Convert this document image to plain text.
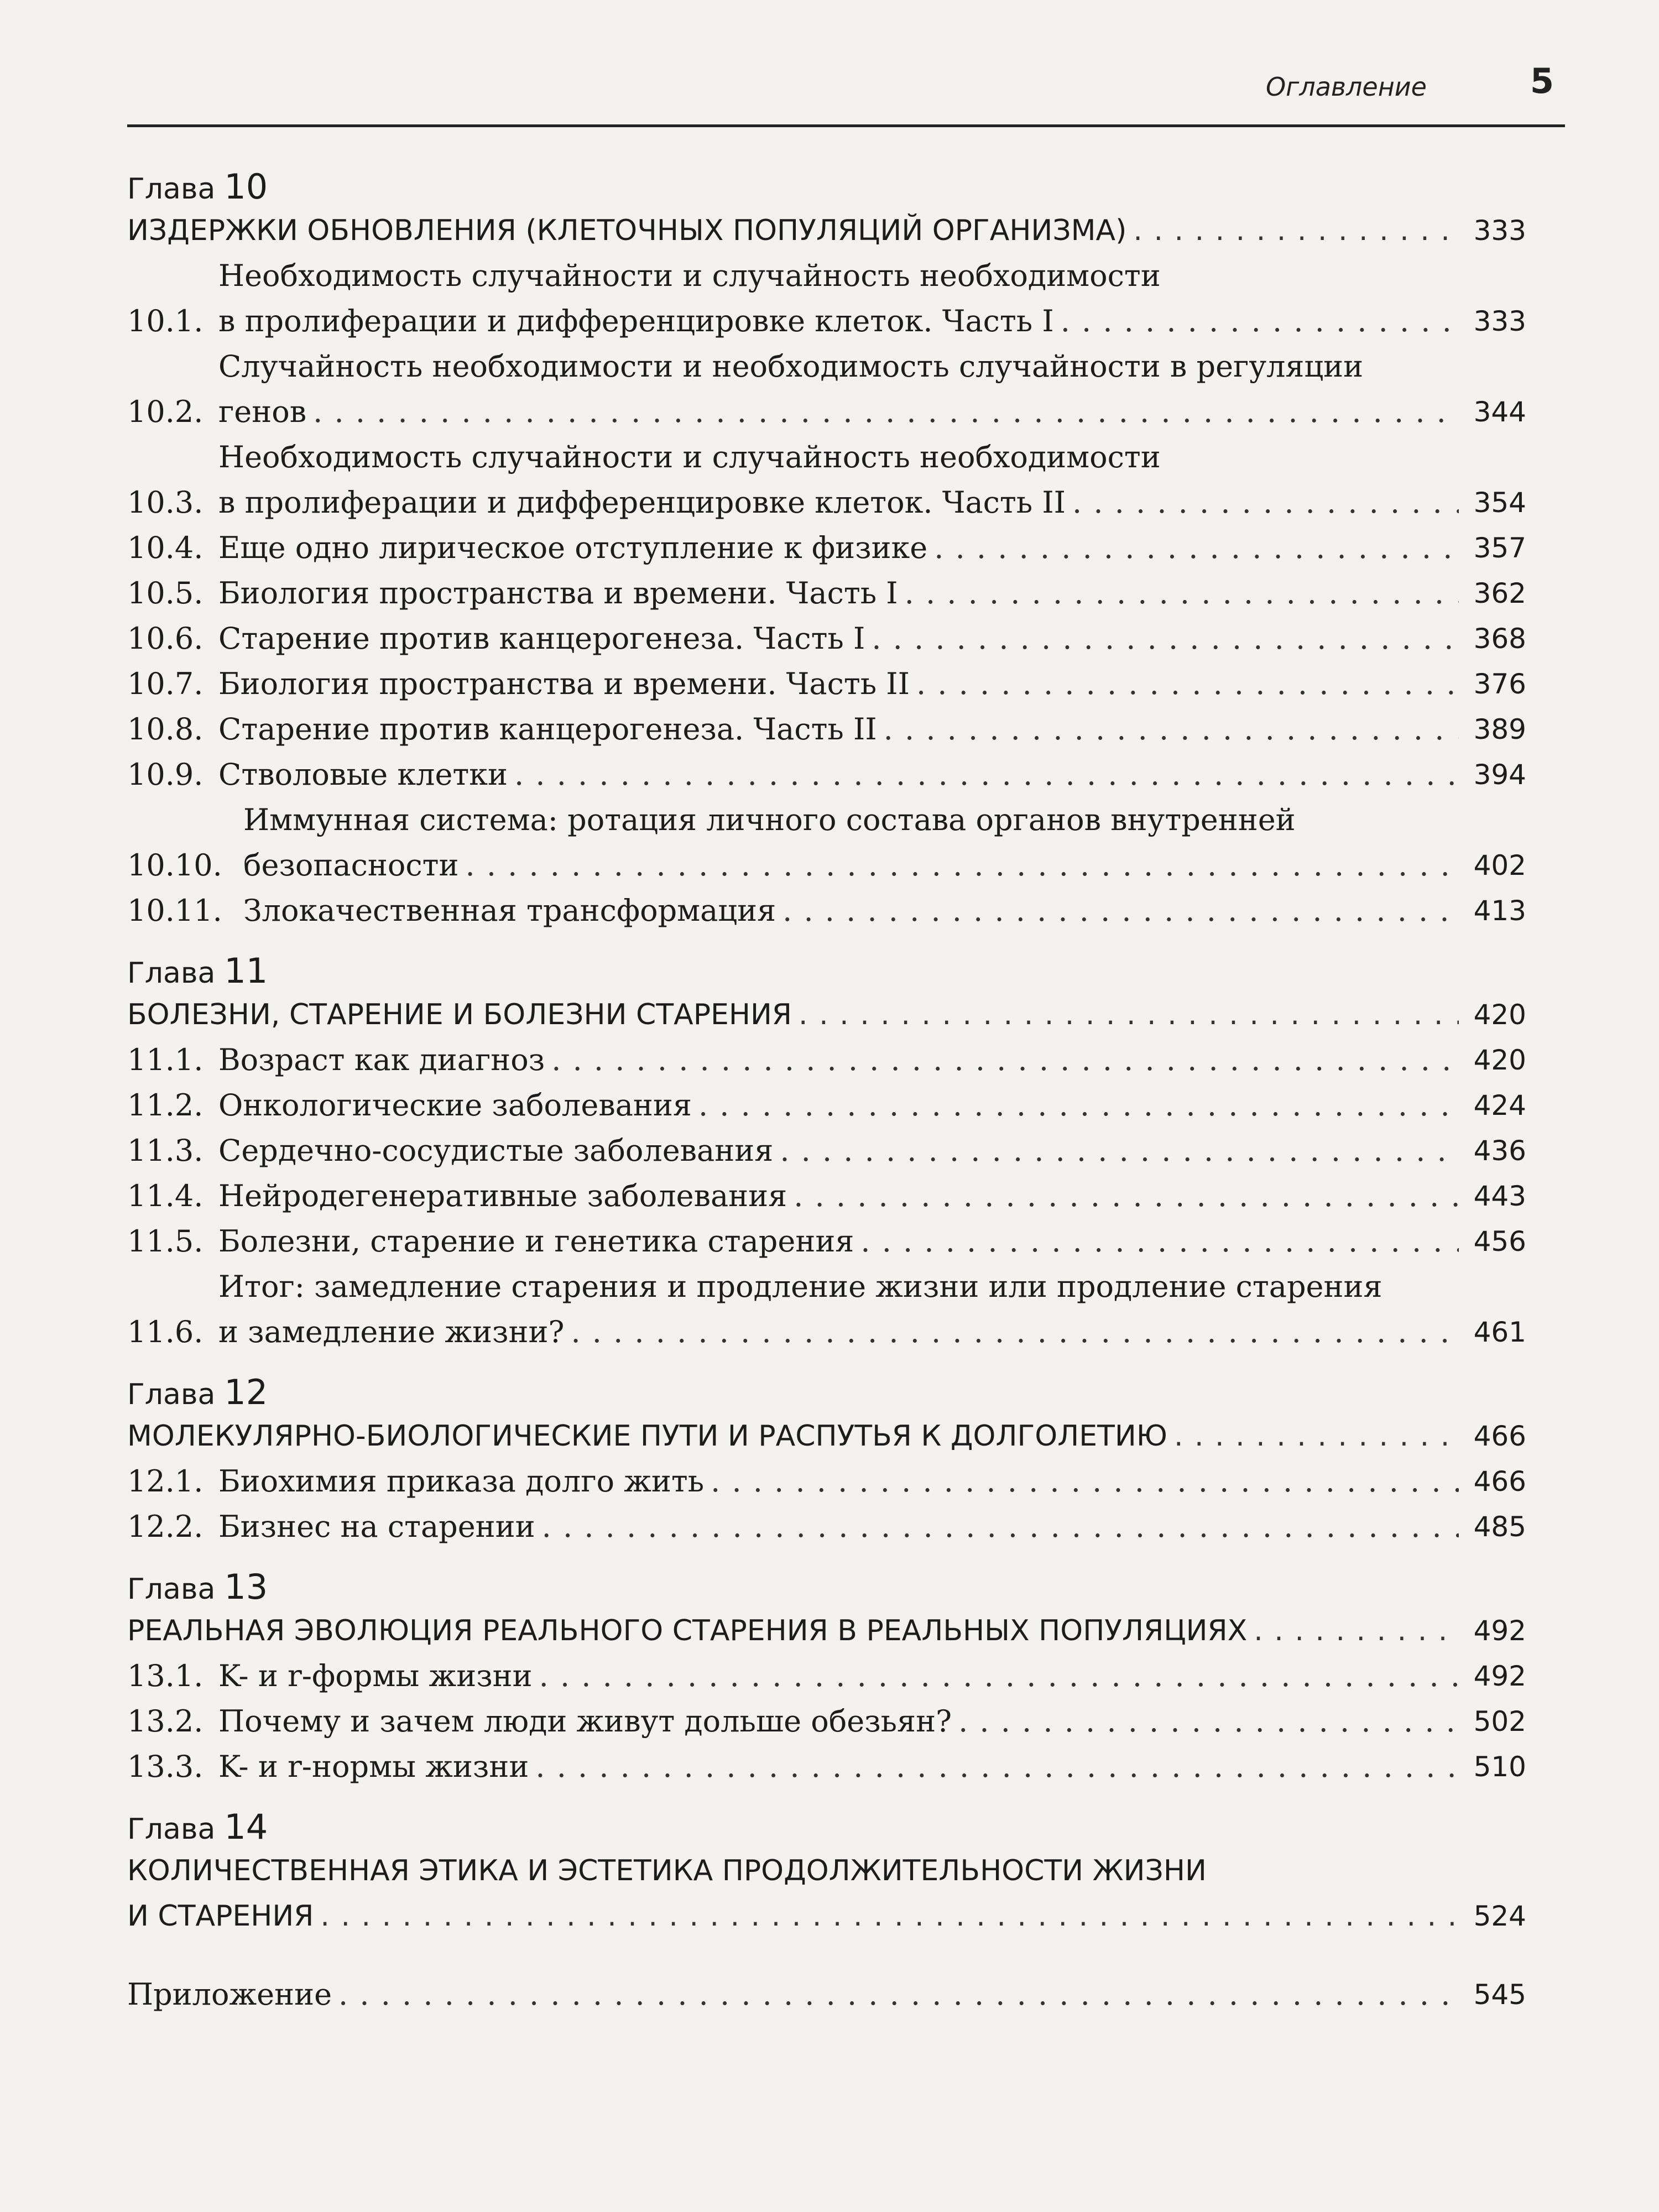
Оглавление	5
Глава 10
ИЗДЕРЖКИ ОБНОВЛЕНИЯ (КЛЕТОЧНЫХ ПОПУЛЯЦИЙ ОРГАНИЗМА) . . .	333
10.1.
Необходимость случайности и случайность необходимости
в пролиферации и дифференцировке клеток. Часть I . . .	333
10.2.
Случайность необходимости и необходимость случайности в регуляции
генов . . .	344
10.3.
Необходимость случайности и случайность необходимости
в пролиферации и дифференцировке клеток. Часть II . . .	354
10.4. Еще одно лирическое отступление к физике . . .	357
10.5. Биология пространства и времени. Часть I . . .	362
10.6. Старение против канцерогенеза. Часть I . . .	368
10.7. Биология пространства и времени. Часть II . . .	376
10.8. Старение против канцерогенеза. Часть II . . .	389
10.9. Стволовые клетки . . .	394
10.10.
Иммунная система: ротация личного состава органов внутренней
безопасности . . .	402
10.11. Злокачественная трансформация . . .	413
Глава 11
БОЛЕЗНИ, СТАРЕНИЕ И БОЛЕЗНИ СТАРЕНИЯ . . .	420
11.1. Возраст как диагноз . . .	420
11.2. Онкологические заболевания . . .	424
11.3. Сердечно-сосудистые заболевания . . .	436
11.4. Нейродегенеративные заболевания . . .	443
11.5. Болезни, старение и генетика старения . . .	456
11.6.
Итог: замедление старения и продление жизни или продление старения
и замедление жизни? . . .	461
Глава 12
МОЛЕКУЛЯРНО-БИОЛОГИЧЕСКИЕ ПУТИ И РАСПУТЬЯ К ДОЛГОЛЕТИЮ . . .	466
12.1. Биохимия приказа долго жить . . .	466
12.2. Бизнес на старении . . .	485
Глава 13
РЕАЛЬНАЯ ЭВОЛЮЦИЯ РЕАЛЬНОГО СТАРЕНИЯ В РЕАЛЬНЫХ ПОПУЛЯЦИЯХ . . .	492
13.1. K- и r-формы жизни . . .	492
13.2. Почему и зачем люди живут дольше обезьян? . . .	502
13.3. K- и r-нормы жизни . . .	510
Глава 14
КОЛИЧЕСТВЕННАЯ ЭТИКА И ЭСТЕТИКА ПРОДОЛЖИТЕЛЬНОСТИ ЖИЗНИ
И СТАРЕНИЯ . . .	524
Приложение . . .	545
